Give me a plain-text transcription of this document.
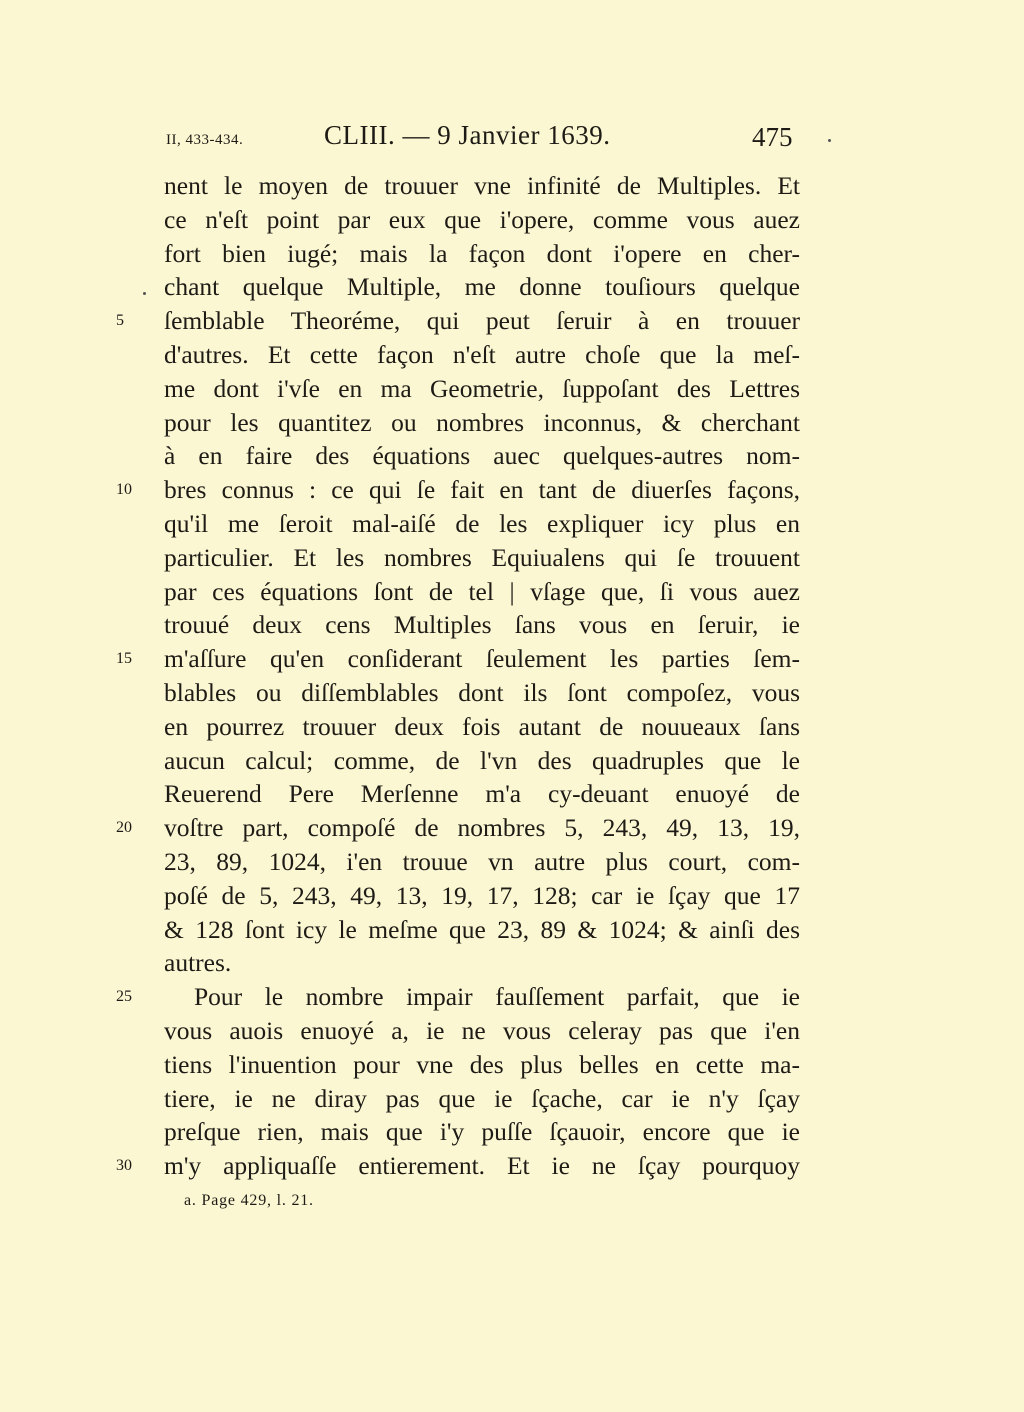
II, 433-434.	CLIII. — 9 Janvier 1639.	475
nent le moyen de trouuer vne infinité de Multiples. Et
ce n'eſt point par eux que i'opere, comme vous auez
fort bien iugé; mais la façon dont i'opere en cher-
chant quelque Multiple, me donne touſiours quelque
ſemblable Theoréme, qui peut ſeruir à en trouuer
d'autres. Et cette façon n'eſt autre choſe que la meſ-
me dont i'vſe en ma Geometrie, ſuppoſant des Lettres
pour les quantitez ou nombres inconnus, & cherchant
à en faire des équations auec quelques-autres nom-
bres connus : ce qui ſe fait en tant de diuerſes façons,
qu'il me ſeroit mal-aiſé de les expliquer icy plus en
particulier. Et les nombres Equiualens qui ſe trouuent
par ces équations ſont de tel | vſage que, ſi vous auez
trouué deux cens Multiples ſans vous en ſeruir, ie
m'aſſure qu'en conſiderant ſeulement les parties ſem-
blables ou diſſemblables dont ils ſont compoſez, vous
en pourrez trouuer deux fois autant de nouueaux ſans
aucun calcul; comme, de l'vn des quadruples que le
Reuerend Pere Merſenne m'a cy-deuant enuoyé de
voſtre part, compoſé de nombres 5, 243, 49, 13, 19,
23, 89, 1024, i'en trouue vn autre plus court, com-
poſé de 5, 243, 49, 13, 19, 17, 128; car ie ſçay que 17
& 128 ſont icy le meſme que 23, 89 & 1024; & ainſi des
autres.
Pour le nombre impair fauſſement parfait, que ie
vous auois enuoyé a, ie ne vous celeray pas que i'en
tiens l'inuention pour vne des plus belles en cette ma-
tiere, ie ne diray pas que ie ſçache, car ie n'y ſçay
preſque rien, mais que i'y puſſe ſçauoir, encore que ie
m'y appliquaſſe entierement. Et ie ne ſçay pourquoy
5
10
15
20
25
30
a. Page 429, l. 21.
